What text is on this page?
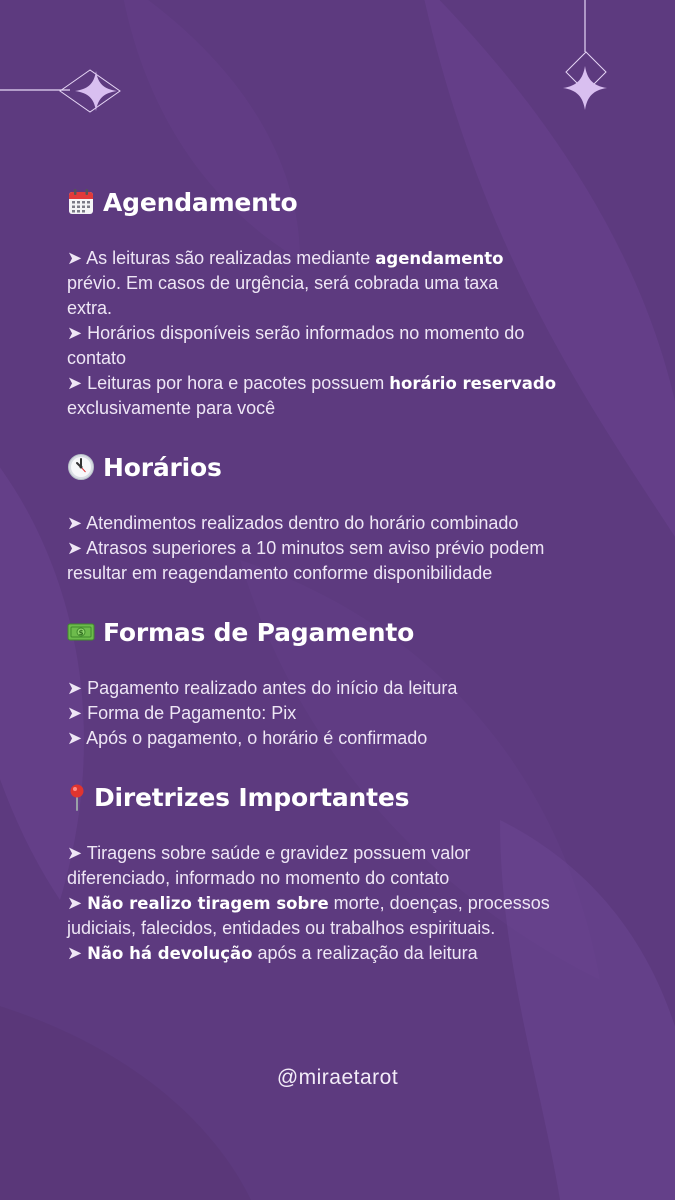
Agendamento
➤ As leituras são realizadas mediante agendamento
prévio. Em casos de urgência, será cobrada uma taxa
extra.
➤ Horários disponíveis serão informados no momento do
contato
➤ Leituras por hora e pacotes possuem horário reservado
exclusivamente para você
Horários
➤ Atendimentos realizados dentro do horário combinado
➤ Atrasos superiores a 10 minutos sem aviso prévio podem
resultar em reagendamento conforme disponibilidade
$ Formas de Pagamento
➤ Pagamento realizado antes do início da leitura
➤ Forma de Pagamento: Pix
➤ Após o pagamento, o horário é confirmado
Diretrizes Importantes
➤ Tiragens sobre saúde e gravidez possuem valor
diferenciado, informado no momento do contato
➤ Não realizo tiragem sobre morte, doenças, processos
judiciais, falecidos, entidades ou trabalhos espirituais.
➤ Não há devolução após a realização da leitura
@miraetarot
